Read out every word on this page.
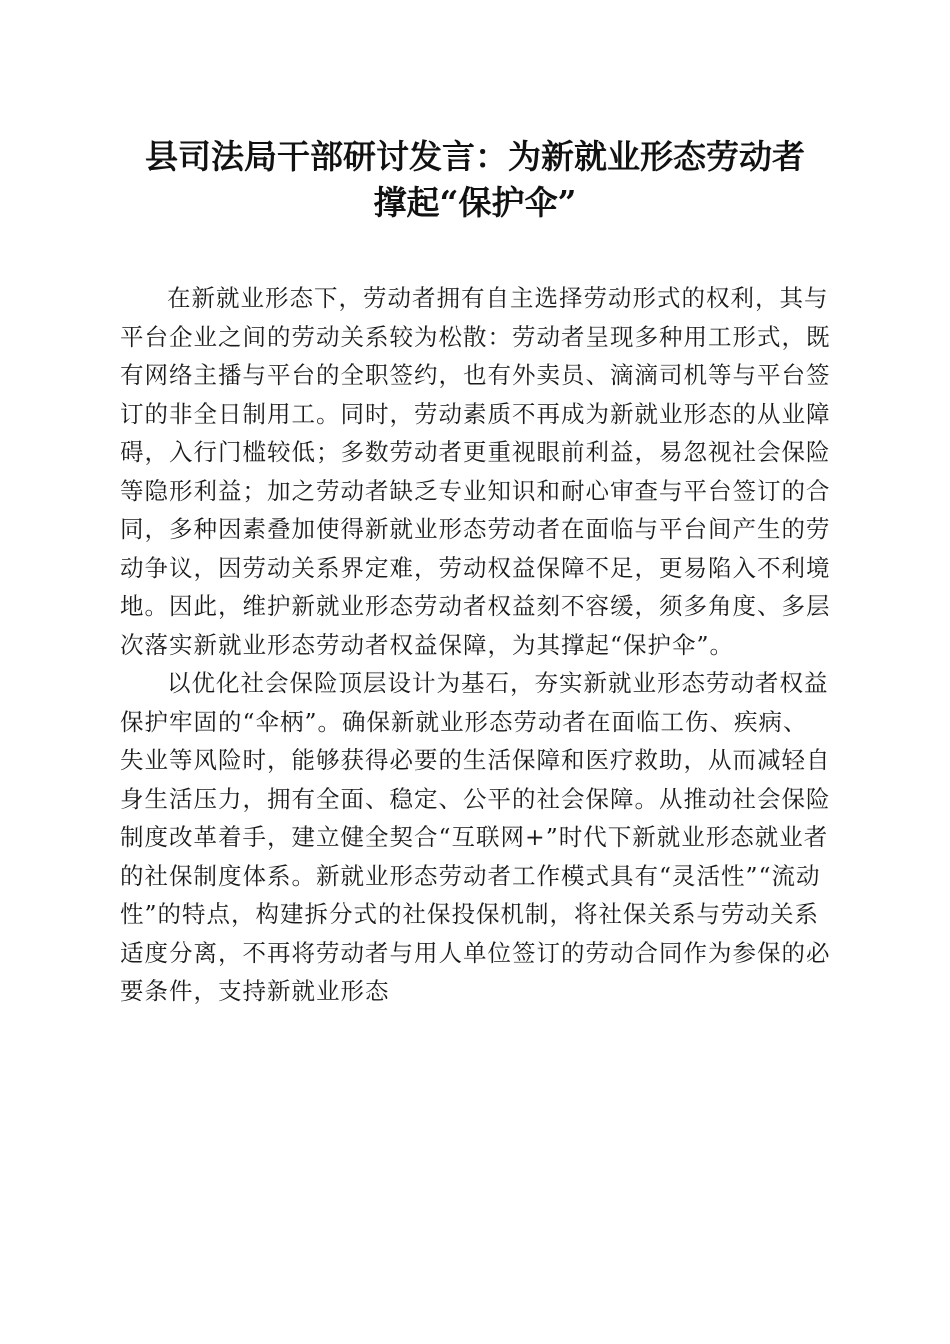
县司法局干部研讨发言：为新就业形态劳动者
撑起“保护伞”

在新就业形态下，劳动者拥有自主选择劳动形式的权利，其与平台企业之间的劳动关系较为松散：劳动者呈现多种用工形式，既有网络主播与平台的全职签约，也有外卖员、滴滴司机等与平台签订的非全日制用工。同时，劳动素质不再成为新就业形态的从业障碍，入行门槛较低；多数劳动者更重视眼前利益，易忽视社会保险等隐形利益；加之劳动者缺乏专业知识和耐心审查与平台签订的合同，多种因素叠加使得新就业形态劳动者在面临与平台间产生的劳动争议，因劳动关系界定难，劳动权益保障不足，更易陷入不利境地。因此，维护新就业形态劳动者权益刻不容缓，须多角度、多层次落实新就业形态劳动者权益保障，为其撑起“保护伞”。

以优化社会保险顶层设计为基石，夯实新就业形态劳动者权益保护牢固的“伞柄”。确保新就业形态劳动者在面临工伤、疾病、失业等风险时，能够获得必要的生活保障和医疗救助，从而减轻自身生活压力，拥有全面、稳定、公平的社会保障。从推动社会保险制度改革着手，建立健全契合“互联网+”时代下新就业形态就业者的社保制度体系。新就业形态劳动者工作模式具有“灵活性”“流动性”的特点，构建拆分式的社保投保机制，将社保关系与劳动关系适度分离，不再将劳动者与用人单位签订的劳动合同作为参保的必要条件，支持新就业形态
